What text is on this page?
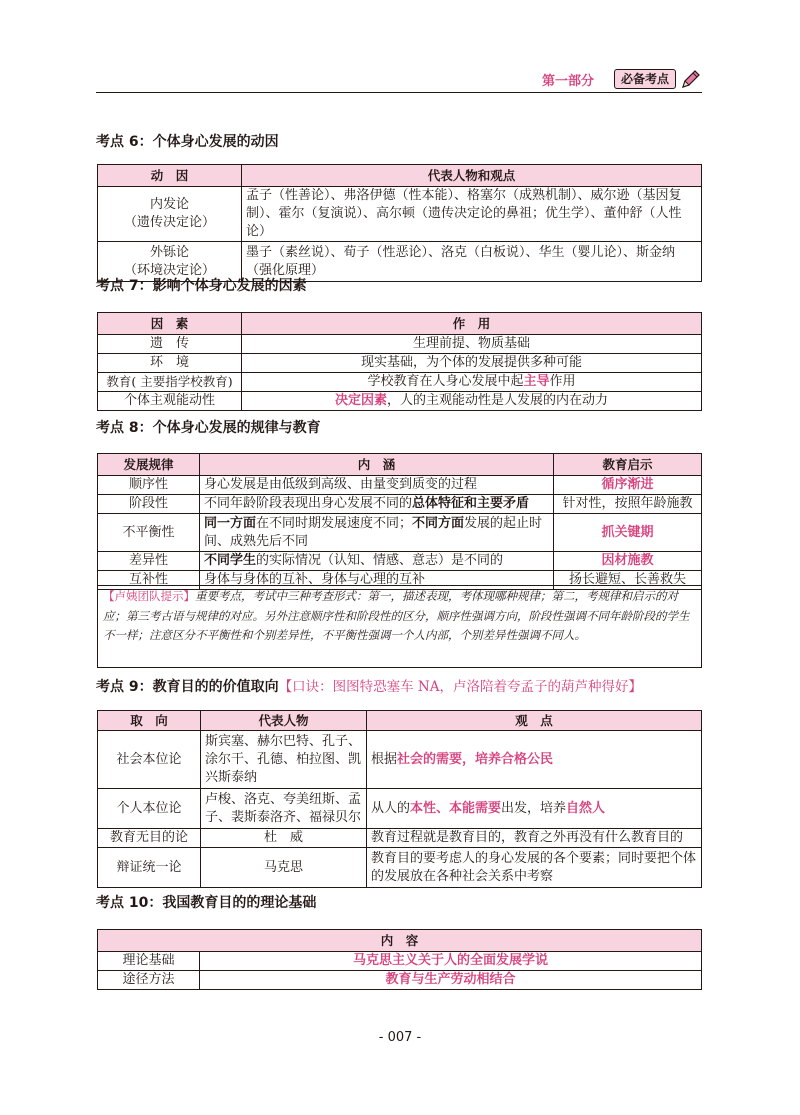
第一部分	必备考点
考点 6：个体身心发展的动因
动　因	代表人物和观点

内发论
（遗传决定论）	孟子（性善论）、弗洛伊德（性本能）、格塞尔（成熟机制）、威尔逊（基因复制）、霍尔（复演说）、高尔顿（遗传决定论的鼻祖；优生学）、董仲舒（人性论）

外铄论
（环境决定论）	墨子（素丝说）、荀子（性恶论）、洛克（白板说）、华生（婴儿论）、斯金纳（强化原理）
考点 7：影响个体身心发展的因素
因　素	作　用
遗　传	生理前提、物质基础
环　境	现实基础，为个体的发展提供多种可能
教育( 主要指学校教育)	学校教育在人身心发展中起主导作用
个体主观能动性	决定因素，人的主观能动性是人发展的内在动力
考点 8：个体身心发展的规律与教育
发展规律	内　涵	教育启示
顺序性	身心发展是由低级到高级、由量变到质变的过程	循序渐进
阶段性	不同年龄阶段表现出身心发展不同的总体特征和主要矛盾	针对性，按照年龄施教
不平衡性	同一方面在不同时期发展速度不同；不同方面发展的起止时间、成熟先后不同	抓关键期
差异性	不同学生的实际情况（认知、情感、意志）是不同的	因材施教
互补性	身体与身体的互补、身体与心理的互补	扬长避短、长善救失
【卢姨团队提示】重要考点，考试中三种考查形式：第一，描述表现，考体现哪种规律；第二，考规律和启示的对应；第三考古语与规律的对应。另外注意顺序性和阶段性的区分，顺序性强调方向，阶段性强调不同年龄阶段的学生不一样；注意区分不平衡性和个别差异性，不平衡性强调一个人内部，个别差异性强调不同人。
考点 9：教育目的的价值取向【口诀：图图特恐塞车 NA，卢洛陪着夸孟子的葫芦种得好】
取　向	代表人物	观　点
社会本位论	斯宾塞、赫尔巴特、孔子、涂尔干、孔德、柏拉图、凯兴斯泰纳	根据社会的需要，培养合格公民
个人本位论	卢梭、洛克、夸美纽斯、孟子、裴斯泰洛齐、福禄贝尔	从人的本性、本能需要出发，培养自然人
教育无目的论	杜　威	教育过程就是教育目的，教育之外再没有什么教育目的
辩证统一论	马克思	教育目的要考虑人的身心发展的各个要素；同时要把个体的发展放在各种社会关系中考察
考点 10：我国教育目的的理论基础
内　容	
理论基础	马克思主义关于人的全面发展学说
途径方法	教育与生产劳动相结合
- 007 -
